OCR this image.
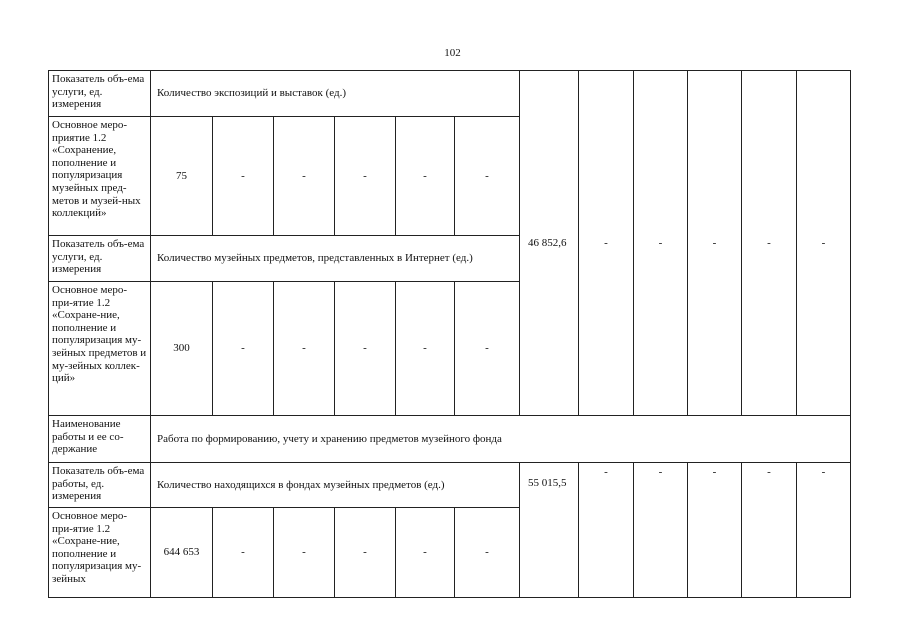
102
Показатель объ-ема услуги, ед. измерения	Количество экспозиций и выставок (ед.)						46 852,6	-	-	-	-	-
Основное меро-приятие 1.2 «Сохранение, пополнение и популяризация музейных пред-метов и музей-ных коллекций»	75	-	-	-	-	-						
Показатель объ-ема услуги, ед. измерения	Количество музейных предметов, представленных в Интернет (ед.)											
Основное меро-при-ятие 1.2 «Сохране-ние, пополнение и популяризация му-зейных предметов и му-зейных коллек-ций»	300	-	-	-	-	-						
Наименование работы и ее со-держание	Работа по формированию, учету и хранению предметов музейного фонда											
Показатель объ-ема работы, ед. измерения	Количество находящихся в фондах музейных предметов (ед.)						55 015,5	-	-	-	-	-
Основное меро-при-ятие 1.2 «Сохране-ние, пополнение и популяризация му-зейных	644 653	-	-	-	-	-						
